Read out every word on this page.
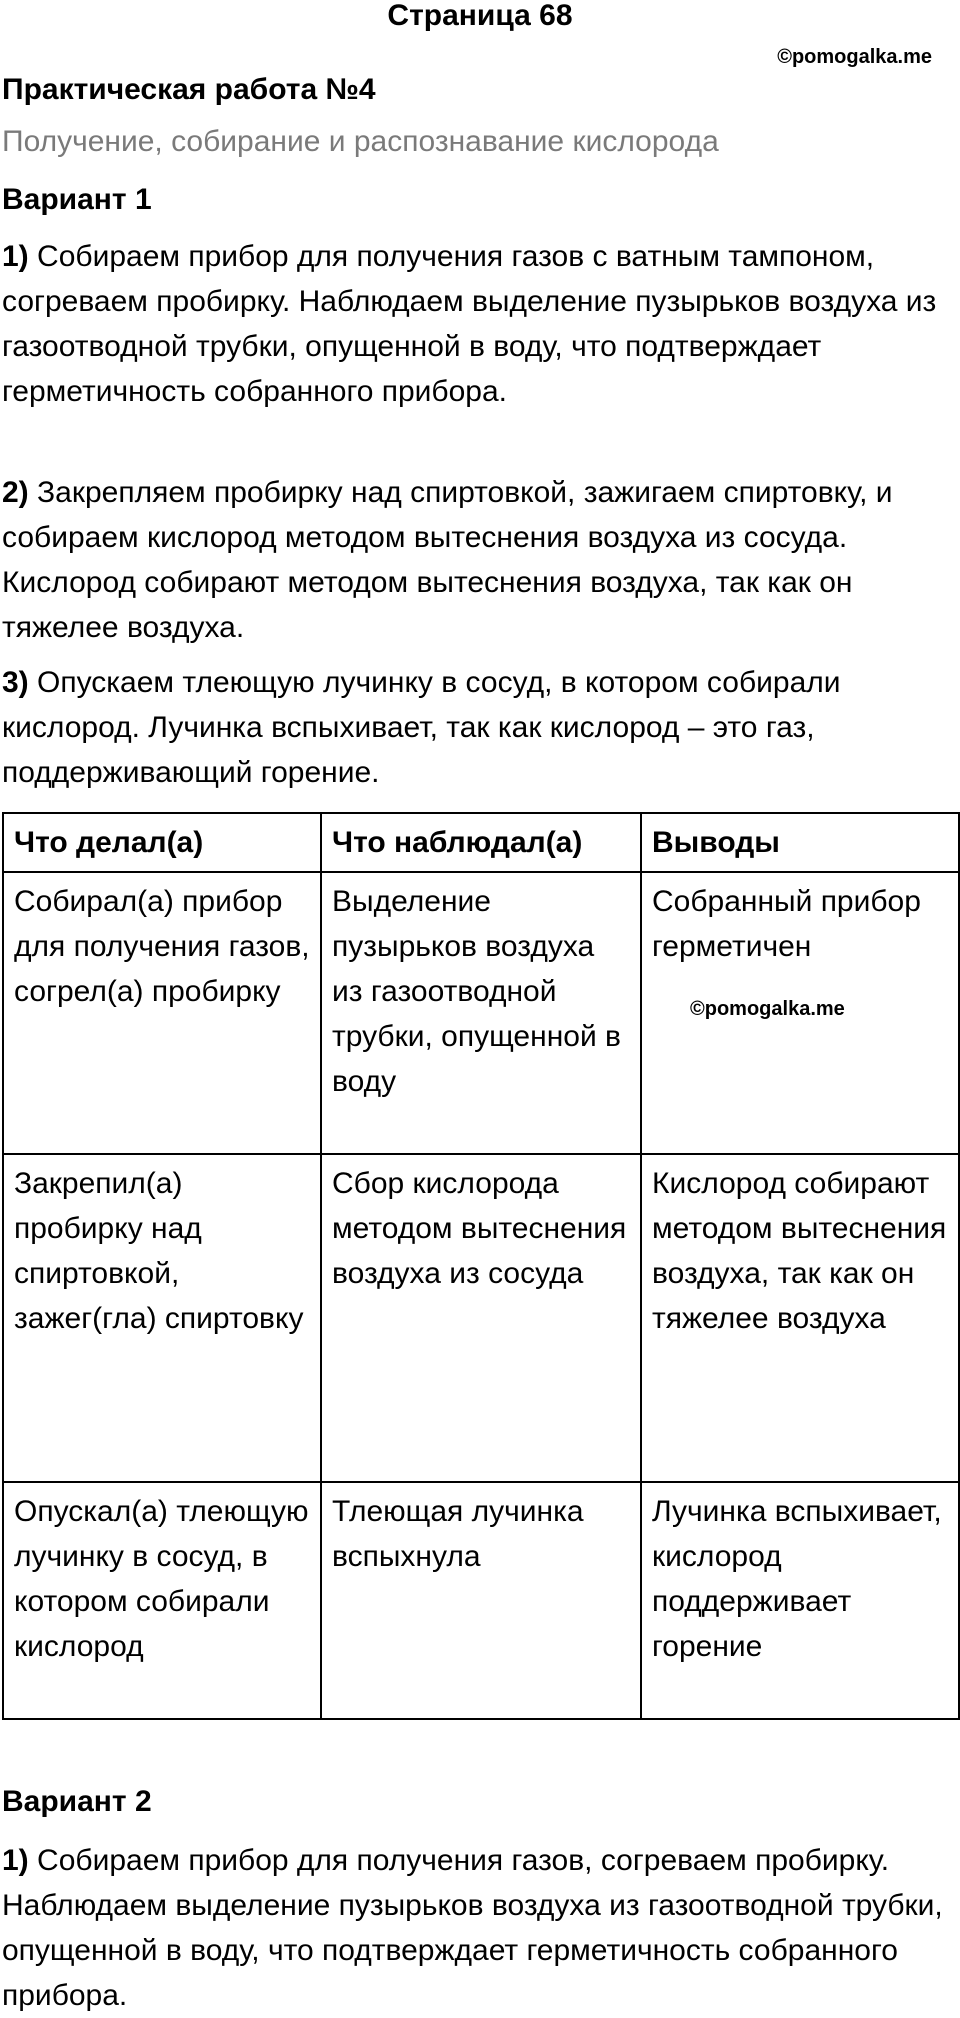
Страница 68
©pomogalka.me
Практическая работа №4
Получение, собирание и распознавание кислорода
Вариант 1
1) Собираем прибор для получения газов с ватным тампоном, согреваем пробирку. Наблюдаем выделение пузырьков воздуха из газоотводной трубки, опущенной в воду, что подтверждает герметичность собранного прибора.
2) Закрепляем пробирку над спиртовкой, зажигаем спиртовку, и собираем кислород методом вытеснения воздуха из сосуда. Кислород собирают методом вытеснения воздуха, так как он тяжелее воздуха.
3) Опускаем тлеющую лучинку в сосуд, в котором собирали кислород. Лучинка вспыхивает, так как кислород – это газ, поддерживающий горение.
Что делал(а)	Что наблюдал(а)	Выводы
Собирал(а) прибор для получения газов, согрел(а) пробирку	Выделение пузырьков воздуха из газоотводной трубки, опущенной в воду	Собранный прибор герметичен
©pomogalka.me

Закрепил(а) пробирку над спиртовкой, зажег(гла) спиртовку	Сбор кислорода методом вытеснения воздуха из сосуда	Кислород собирают методом вытеснения воздуха, так как он тяжелее воздуха
Опускал(а) тлеющую лучинку в сосуд, в котором собирали кислород	Тлеющая лучинка вспыхнула	Лучинка вспыхивает, кислород поддерживает горение
Вариант 2
1) Собираем прибор для получения газов, согреваем пробирку. Наблюдаем выделение пузырьков воздуха из газоотводной трубки, опущенной в воду, что подтверждает герметичность собранного прибора.
